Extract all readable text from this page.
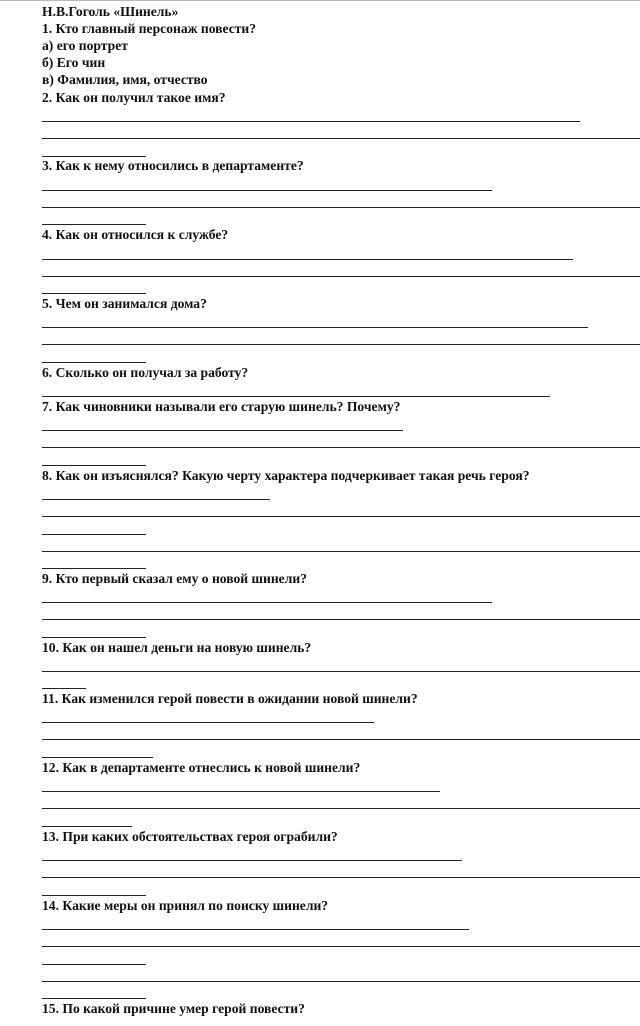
Н.В.Гоголь «Шинель»
1. Кто главный персонаж повести?
а) его портрет
б) Его чин
в) Фамилия, имя, отчество
2. Как он получил такое имя?
3. Как к нему относились в департаменте?
4. Как он относился к службе?
5. Чем он занимался дома?
6. Сколько он получал за работу?
7. Как чиновники называли его старую шинель? Почему?
8. Как он изъяснялся? Какую черту характера подчеркивает такая речь героя?
9. Кто первый сказал ему о новой шинели?
10. Как он нашел деньги на новую шинель?
11. Как изменился герой повести в ожидании новой шинели?
12. Как в департаменте отнеслись к новой шинели?
13. При каких обстоятельствах героя ограбили?
14. Какие меры он принял по поиску шинели?
15. По какой причине умер герой повести?
